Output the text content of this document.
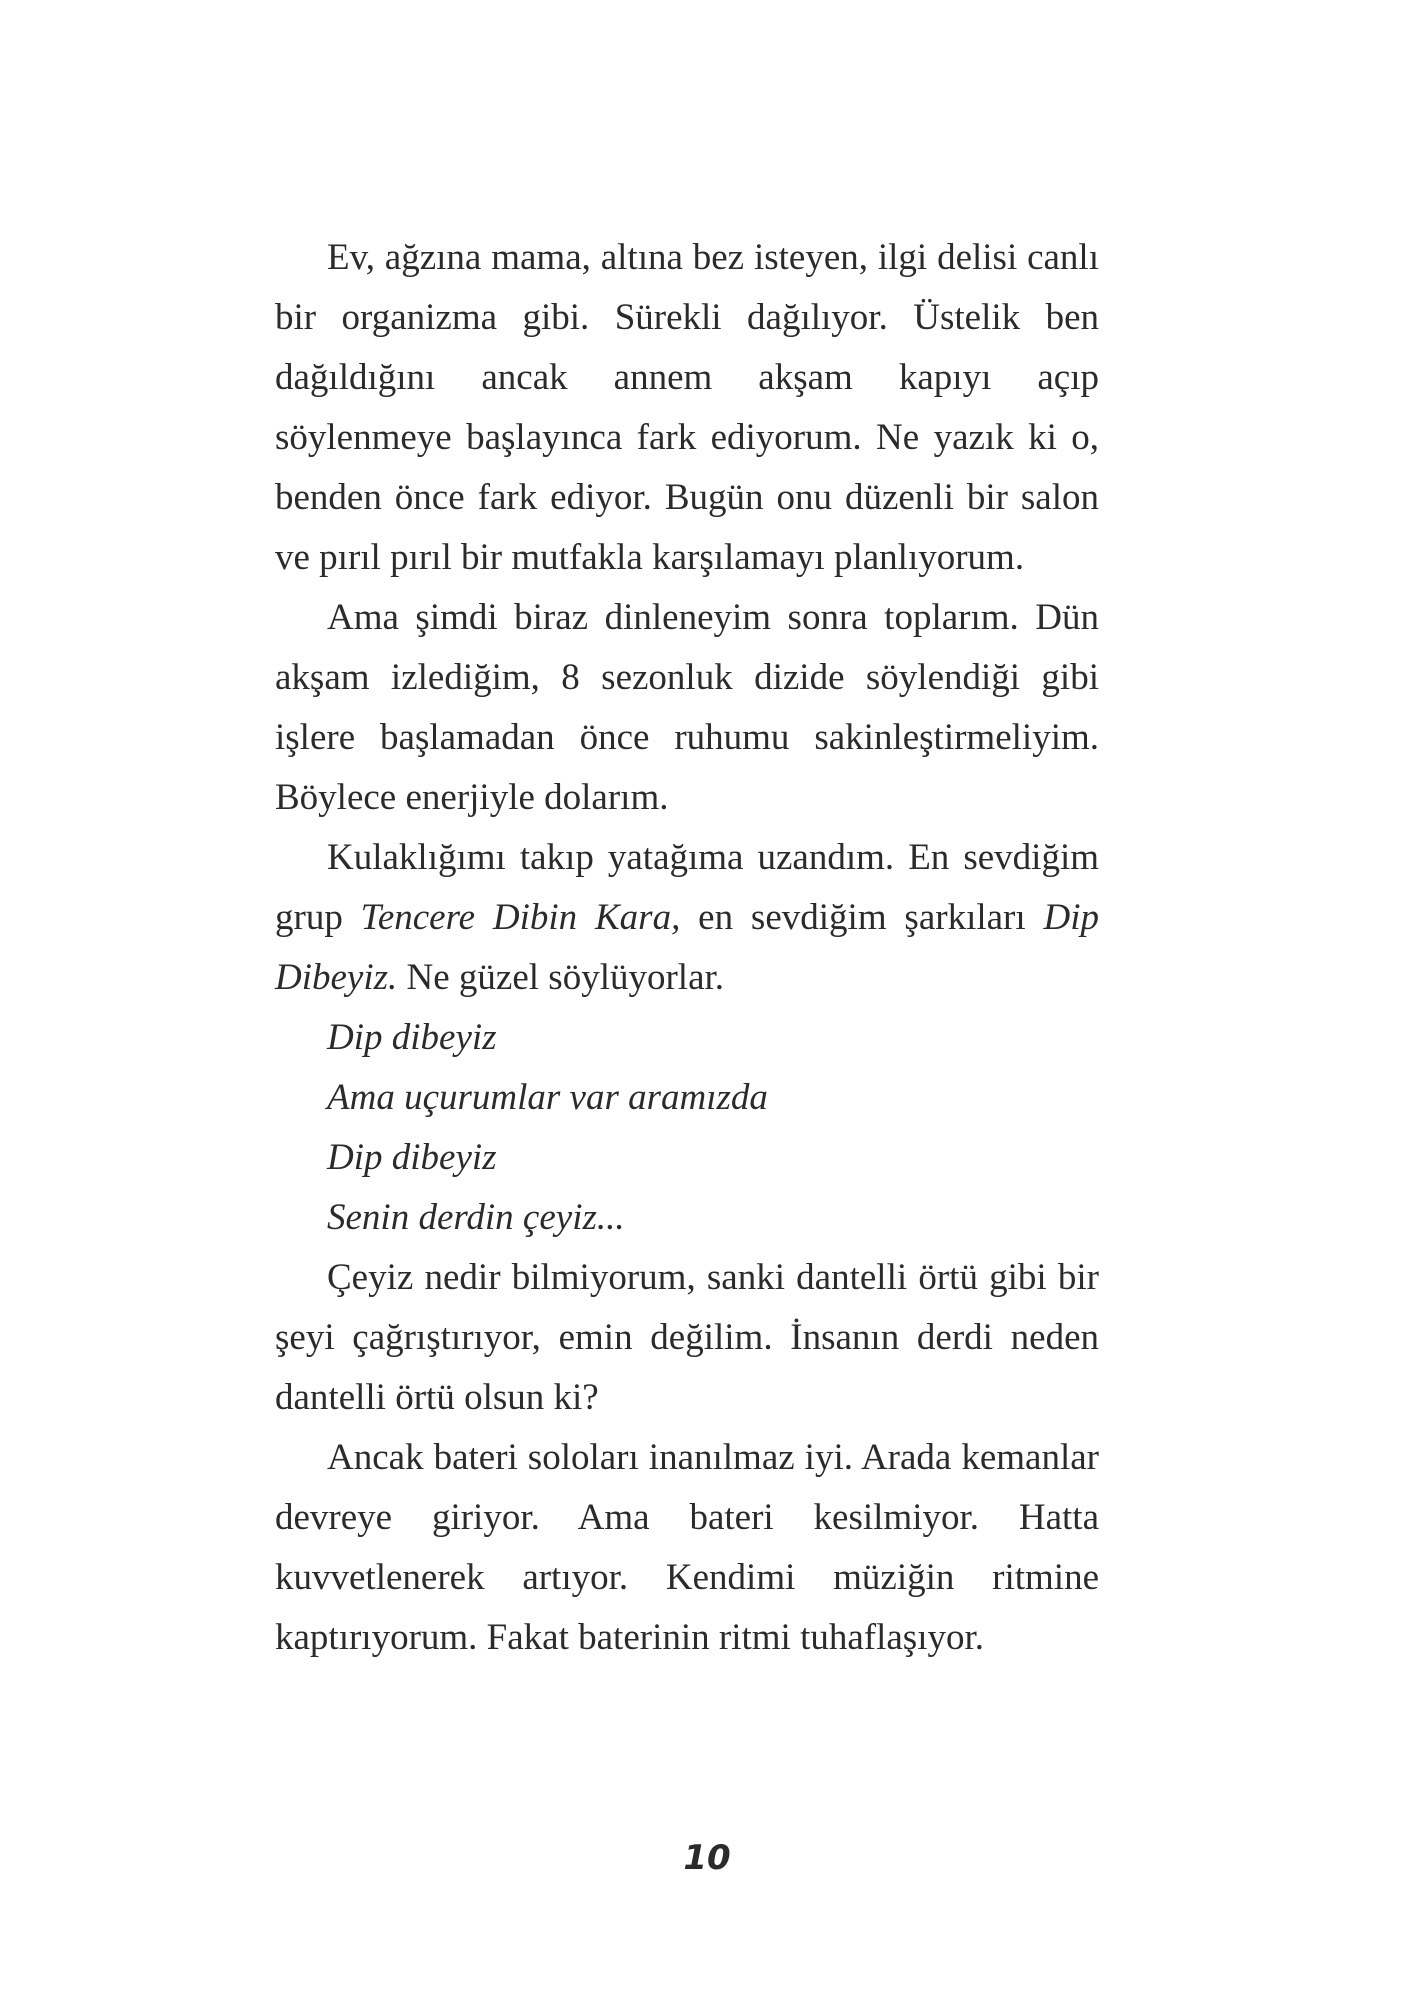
Ev, ağzına mama, altına bez isteyen, ilgi delisi canlı bir organizma gibi. Sürekli dağılıyor. Üstelik ben dağıldığını ancak annem akşam kapıyı açıp söylenmeye başlayınca fark ediyorum. Ne yazık ki o, benden önce fark ediyor. Bugün onu düzenli bir salon ve pırıl pırıl bir mutfakla karşılamayı planlıyorum.

Ama şimdi biraz dinleneyim sonra toplarım. Dün akşam izlediğim, 8 sezonluk dizide söylendiği gibi işlere başlamadan önce ruhumu sakinleştirmeliyim. Böylece enerjiyle dolarım.

Kulaklığımı takıp yatağıma uzandım. En sevdiğim grup Tencere Dibin Kara, en sevdiğim şarkıları Dip Dibeyiz. Ne güzel söylüyorlar.

Dip dibeyiz

Ama uçurumlar var aramızda

Dip dibeyiz

Senin derdin çeyiz...

Çeyiz nedir bilmiyorum, sanki dantelli örtü gibi bir şeyi çağrıştırıyor, emin değilim. İnsanın derdi neden dantelli örtü olsun ki?

Ancak bateri soloları inanılmaz iyi. Arada kemanlar devreye giriyor. Ama bateri kesilmiyor. Hatta kuvvetlenerek artıyor. Kendimi müziğin ritmine kaptırıyorum. Fakat baterinin ritmi tuhaflaşıyor.

10
